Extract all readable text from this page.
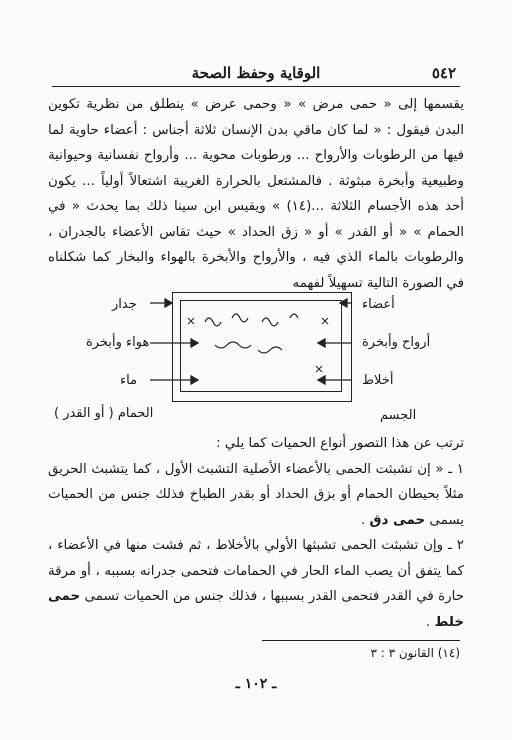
٥٤٢
الوقاية وحفظ الصحة

يقسمها إلى « حمى مرض » « وحمى عرض » ينطلق من نظرية تكوين البدن فيقول : « لما كان ماقي بدن الإنسان ثلاثة أجناس : أعضاء حاوية لما فيها من الرطوبات والأرواح ... ورطوبات محوية ... وأرواح نفسانية وحيوانية وطبيعية وأبخرة مبثوثة . فالمشتعل بالحرارة الغريبة اشتعالاً أولياً ... يكون أحد هذه الأجسام الثلاثة ...(١٤) » ويقيس ابن سينا ذلك بما يحدث « في الحمام » « أو القدر » أو « زق الحداد » حيث تقاس الأعضاء بالجدران ، والرطوبات بالماء الذي فيه ، والأرواح والأبخرة بالهواء والبخار كما شكلناه في الصورة التالية تسهيلاً لفهمه

أعضاء
أرواح وأبخرة
أخلاط
الجسم
جدار
هواء وأبخرة
ماء
الحمام ( أو القدر )

ترتب عن هذا التصور أنواع الحميات كما يلي :

١ ـ « إن تشبثت الحمى بالأعضاء الأصلية التشبث الأول ، كما يتشبث الحريق مثلاً بحيطان الحمام أو بزق الحداد أو بقدر الطباخ فذلك جنس من الحميات يسمى حمى دق .

٢ ـ وإن تشبثت الحمى تشبثها الأولي بالأخلاط ، ثم فشت منها في الأعضاء ، كما يتفق أن يصب الماء الحار في الحمامات فتحمى جدرانه بسببه ، أو مرقة حارة في القدر فتحمى القدر بسببها ، فذلك جنس من الحميات تسمى حمى خلط .

(١٤) القانون ٣ : ٣
ـ ١٠٢ ـ
